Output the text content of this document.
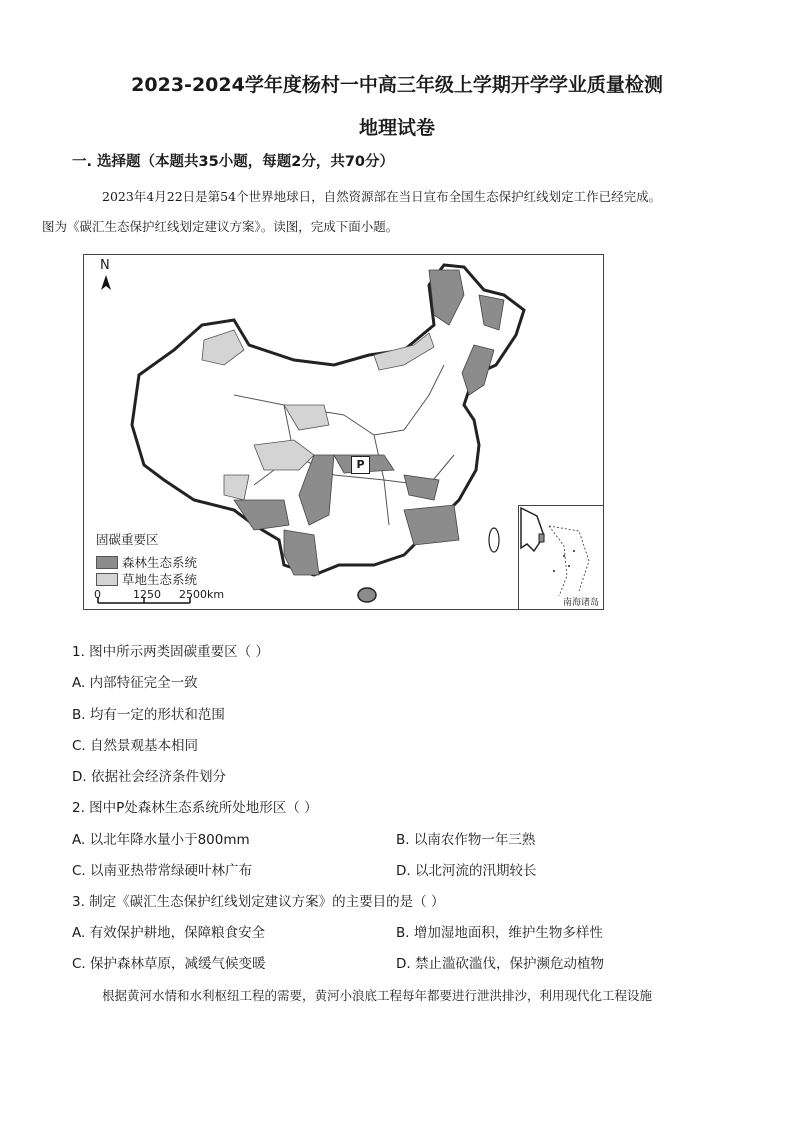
2023-2024学年度杨村一中高三年级上学期开学学业质量检测
地理试卷
一. 选择题（本题共35小题，每题2分，共70分）
2023年4月22日是第54个世界地球日，自然资源部在当日宣布全国生态保护红线划定工作已经完成。
图为《碳汇生态保护红线划定建议方案》。读图，完成下面小题。
N
P
固碳重要区
森林生态系统
草地生态系统
0	1250 2500km
南海诸岛
1. 图中所示两类固碳重要区（ ）
A. 内部特征完全一致
B. 均有一定的形状和范围
C. 自然景观基本相同
D. 依据社会经济条件划分
2. 图中P处森林生态系统所处地形区（ ）
A. 以北年降水量小于800mm	B. 以南农作物一年三熟
C. 以南亚热带常绿硬叶林广布	D. 以北河流的汛期较长
3. 制定《碳汇生态保护红线划定建议方案》的主要目的是（ ）
A. 有效保护耕地，保障粮食安全	B. 增加湿地面积，维护生物多样性
C. 保护森林草原，减缓气候变暖	D. 禁止滥砍滥伐，保护濒危动植物
根据黄河水情和水利枢纽工程的需要，黄河小浪底工程每年都要进行泄洪排沙，利用现代化工程设施
